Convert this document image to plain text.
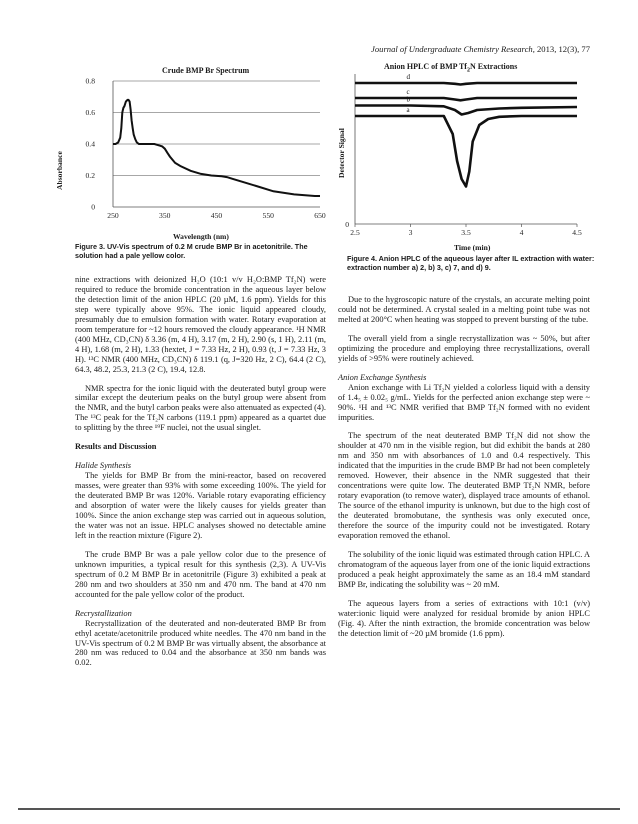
Journal of Undergraduate Chemistry Research, 2013, 12(3), 77
Crude BMP Br Spectrum
0
0.2
0.4
0.6
0.8
250	350	450	550	650
Absorbance
Wavelength (nm)
Figure 3. UV-Vis spectrum of 0.2 M crude BMP Br in acetonitrile. The solution had a pale yellow color.
Anion HPLC of BMP $Tf_2N$ Extractions
0
2.5	3	3.5	4	4.5
d
c
b
a
Detector Signal
Time (min)
Figure 4. Anion HPLC of the aqueous layer after IL extraction with water: extraction number a) 2, b) 3, c) 7, and d) 9.

nine extractions with deionized H₂O (10:1 v/v H₂O:BMP Tf₂N) were required to reduce the bromide concentration in the aqueous layer below the detection limit of the anion HPLC (20 µM, 1.6 ppm). Yields for this step were typically above 95%. The ionic liquid appeared cloudy, presumably due to emulsion formation with water. Rotary evaporation at room temperature for ~12 hours removed the cloudy appearance. ¹H NMR (400 MHz, CD₃CN) δ 3.36 (m, 4 H), 3.17 (m, 2 H), 2.90 (s, 1 H), 2.11 (m, 4 H), 1.68 (m, 2 H), 1.33 (hextet, J = 7.33 Hz, 2 H), 0.93 (t, J = 7.33 Hz, 3 H). ¹³C NMR (400 MHz, CD₃CN) δ 119.1 (q, J=320 Hz, 2 C), 64.4 (2 C), 64.3, 48.2, 25.3, 21.3 (2 C), 19.4, 12.8.

NMR spectra for the ionic liquid with the deuterated butyl group were similar except the deuterium peaks on the butyl group were absent from the NMR, and the butyl carbon peaks were also attenuated as expected (4). The ¹³C peak for the Tf₂N carbons (119.1 ppm) appeared as a quartet due to splitting by the three ¹⁹F nuclei, not the usual singlet.

Results and Discussion

Halide Synthesis

The yields for BMP Br from the mini-reactor, based on recovered masses, were greater than 93% with some exceeding 100%. The yield for the deuterated BMP Br was 120%. Variable rotary evaporating efficiency and absorption of water were the likely causes for yields greater than 100%. Since the anion exchange step was carried out in aqueous solution, the water was not an issue. HPLC analyses showed no detectable amine left in the reaction mixture (Figure 2).

The crude BMP Br was a pale yellow color due to the presence of unknown impurities, a typical result for this synthesis (2,3). A UV-Vis spectrum of 0.2 M BMP Br in acetonitrile (Figure 3) exhibited a peak at 280 nm and two shoulders at 350 nm and 470 nm. The band at 470 nm accounted for the pale yellow color of the product.

Recrystallization

Recrystallization of the deuterated and non-deuterated BMP Br from ethyl acetate/acetonitrile produced white needles. The 470 nm band in the UV-Vis spectrum of 0.2 M BMP Br was virtually absent, the absorbance at 280 nm was reduced to 0.04 and the absorbance at 350 nm bands was 0.02.

Due to the hygroscopic nature of the crystals, an accurate melting point could not be determined. A crystal sealed in a melting point tube was not melted at 200°C when heating was stopped to prevent bursting of the tube.

The overall yield from a single recrystallization was ~ 50%, but after optimizing the procedure and employing three recrystallizations, overall yields of >95% were routinely achieved.

Anion Exchange Synthesis

Anion exchange with Li Tf₂N yielded a colorless liquid with a density of 1.4₅ ± 0.02₅ g/mL. Yields for the perfected anion exchange step were ~ 90%. ¹H and ¹³C NMR verified that BMP Tf₂N formed with no evident impurities.

The spectrum of the neat deuterated BMP Tf₂N did not show the shoulder at 470 nm in the visible region, but did exhibit the bands at 280 nm and 350 nm with absorbances of 1.0 and 0.4 respectively. This indicated that the impurities in the crude BMP Br had not been completely removed. However, their absence in the NMR suggested that their concentrations were quite low. The deuterated BMP Tf₂N NMR, before rotary evaporation (to remove water), displayed trace amounts of ethanol. The source of the ethanol impurity is unknown, but due to the high cost of the deuterated bromobutane, the synthesis was only executed once, therefore the source of the impurity could not be investigated. Rotary evaporation removed the ethanol.

The solubility of the ionic liquid was estimated through cation HPLC. A chromatogram of the aqueous layer from one of the ionic liquid extractions produced a peak height approximately the same as an 18.4 mM standard BMP Br, indicating the solubility was ~ 20 mM.

The aqueous layers from a series of extractions with 10:1 (v/v) water:ionic liquid were analyzed for residual bromide by anion HPLC (Fig. 4). After the ninth extraction, the bromide concentration was below the detection limit of ~20 µM bromide (1.6 ppm).
